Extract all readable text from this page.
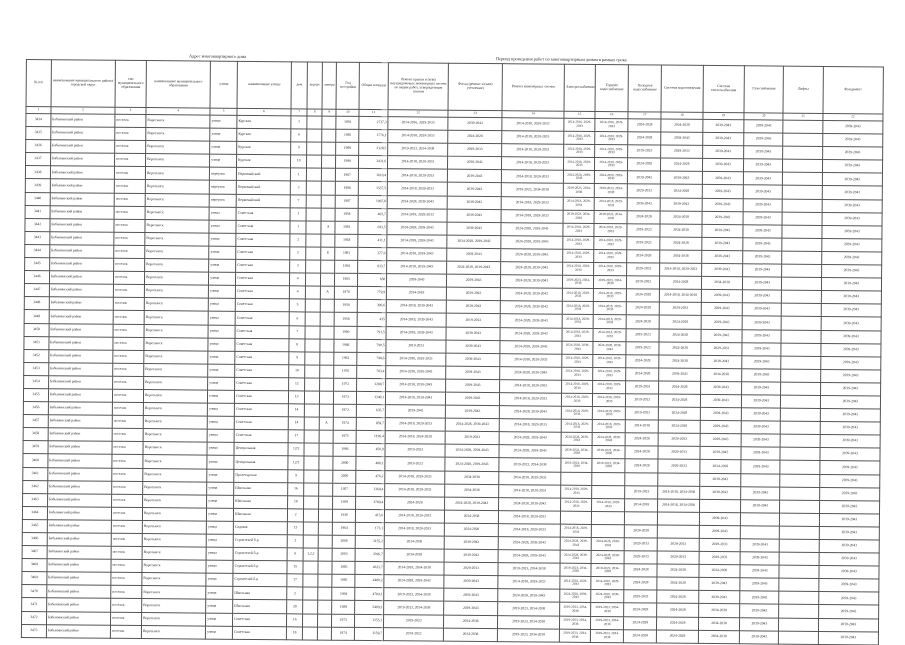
Адрес многоквартирного дома	Период проведения работ по многоквартирным домам в рамках срока
№ п/п	наименование муниципального района/ городской округ	тип муниципального образования	наименование муниципального образования	улица	наименование улицы	дом	корпус	литера	Год постройки	Общая площадь	Ремонт крыши и (или) внутридомовых инженерных систем по видам работ, утвержденным планом	Фасад (ремонт и (или) утепление)	Ремонт инженерных систем	Электроснабжение	Горячее водоснабжение	Холодное водоснабжение	Система водоотведения	Система теплоснабжения	Газоснабжение	Лифты	Фундамент
1	2	3	4	5	6	7	8	9	10	11	12	13	14	15	16	17	18	19	20	21	22
3434	Бабынинский район	поселок	Воротынск	улица	Курская	1			1991	2737,3	2014-2016, 2029-2033	2039-2043	2014-2018, 2029-2033	2014-2016, 2029-2033	2014-2016, 2029-2033	2024-2028	2024-2028	2039-2043	2039-2043		2039-2043
3435	Бабынинский район	поселок	Воротынск	улица	Курская	6			1985	1776,1	2014-2018, 2029-2033	2024-2028	2014-2018, 2029-2033	2014-2018, 2029-2033	2014-2018, 2029-2033	2024-2028	2039-2043	2039-2043	2039-2043		2039-2043
3436	Бабынинский район	поселок	Воротынск	улица	Курская	9			1989	3128,5	2019-2023, 2034-2038	2029-2033	2014-2018, 2029-2033	2014-2018, 2029-2033	2014-2018, 2029-2033	2019-2023	2029-2033	2039-2043	2039-2043		2039-2043
3437	Бабынинский район	поселок	Воротынск	улица	Курская	10			1990	3431,6	2014-2018, 2029-2033	2039-2043	2014-2018, 2029-2033	2014-2018, 2029-2033	2014-2018, 2029-2033	2024-2028	2024-2028	2039-2043	2039-2043		2039-2043
3438	Бабынинский район	поселок	Воротынск	переулок	Первомайский	1			1987	1610,4	2014-2018, 2029-2033	2039-2043	2014-2018, 2029-2033	2024-2028, 2039-2043	2024-2028, 2039-2043	2039-2043	2039-2043	2039-2043	2039-2043		2039-2043
3439	Бабынинский район	поселок	Воротынск	переулок	Первомайский	3			1988	1537,5	2014-2018, 2029-2033	2039-2043	2019-2023, 2034-2038	2019-2023, 2034-2038	2019-2023, 2034-2038	2029-2033	2024-2028	2039-2043	2039-2043		2039-2043
3440	Бабынинский район	поселок	Воротынск	переулок	Первомайский	7			1987	1967,8	2024-2028, 2039-2043	2039-2043	2014-2018, 2029-2033	2014-2018, 2029-2033	2014-2018, 2029-2033	2039-2043	2039-2043	2039-2043	2039-2043		2039-2043
3441	Бабынинский район	поселок	Воротынск	улица	Советская	1			1958	402,7	2014-2018, 2029-2033	2039-2043	2014-2018, 2029-2033	2019-2023, 2034-2038	2019-2023, 2034-2038	2024-2028	2024-2028	2039-2043	2039-2043		2039-2043
3442	Бабынинский район	поселок	Воротынск	улица	Советская	1		А	1981	693,5	2024-2028, 2039-2043	2039-2043	2024-2028, 2039-2043	2014-2018, 2029-2033	2014-2018, 2029-2033	2019-2023	2024-2028	2039-2043	2039-2043		2039-2043
3443	Бабынинский район	поселок	Воротынск	улица	Советская	2			1958	431,1	2014-2018, 2039-2043	2024-2028, 2039-2043	2024-2028, 2039-2043	2014-2018, 2029-2033	2014-2018, 2029-2033	2019-2023	2024-2028	2039-2043	2039-2043		2039-2043
3444	Бабынинский район	поселок	Воротынск	улица	Советская	2		Б	1981	377,6	2014-2018, 2039-2043	2039-2043	2024-2028, 2039-2043	2014-2018, 2029-2033	2014-2018, 2029-2033	2024-2028	2034-2038	2039-2043	2039-2043		2039-2043
3445	Бабынинский район	поселок	Воротынск	улица	Советская	3			1958	833,7	2014-2018, 2039-2043	2024-2028, 2039-2043	2024-2028, 2039-2043	2014-2018, 2029-2033	2014-2018, 2029-2033	2029-2033	2014-2018, 2029-2033	2039-2043	2039-2043		2039-2043
3446	Бабынинский район	поселок	Воротынск	улица	Советская	4			1965	650	2039-2043	2039-2043	2024-2028, 2039-2043	2019-2023, 2034-2038	2019-2023, 2034-2038	2019-2023	2024-2028	2034-2038	2039-2043		2039-2043
3447	Бабынинский район	поселок	Воротынск	улица	Советская	4		А	1970	779,9	2014-2018	2039-2043	2024-2028, 2039-2043	2014-2018, 2029-2033	2014-2018, 2029-2033	2024-2028	2014-2018, 2034-2038	2039-2043	2039-2043		2039-2043
3448	Бабынинский район	поселок	Воротынск	улица	Советская	5			1958	396,6	2014-2018, 2039-2043	2039-2043	2024-2028, 2039-2043	2014-2018, 2029-2033	2014-2018, 2029-2033	2024-2028	2029-2033	2039-2043	2039-2043		2039-2043
3449	Бабынинский район	поселок	Воротынск	улица	Советская	6			1958	435	2014-2018, 2039-2043	2019-2023	2024-2028, 2039-2043	2014-2018, 2029-2033	2014-2018, 2029-2033	2024-2028	2024-2028	2039-2043	2039-2043		2039-2043
3450	Бабынинский район	поселок	Воротынск	улица	Советская	7			1960	791,5	2014-2018, 2039-2043	2039-2043	2024-2028, 2039-2043	2014-2018, 2029-2033	2014-2018, 2029-2033	2019-2023	2024-2028	2039-2043	2039-2043		2039-2043
3451	Бабынинский район	поселок	Воротынск	улица	Советская	8			1968	790,5	2019-2023	2039-2043	2024-2028, 2039-2043	2024-2028, 2039-2043	2024-2028, 2039-2043	2019-2023	2024-2028	2029-2033	2039-2043		2039-2043
3452	Бабынинский район	поселок	Воротынск	улица	Советская	9			1962	798,6	2014-2018, 2029-2033	2039-2043	2014-2018, 2029-2033	2014-2018, 2029-2033	2014-2018, 2029-2033	2024-2028	2024-2028	2039-2043	2039-2043		2039-2043
3453	Бабынинский район	поселок	Воротынск	улица	Советская	10			1970	783,4	2014-2018, 2039-2043	2039-2043	2024-2028, 2039-2043	2014-2018, 2029-2033	2014-2018, 2029-2033	2024-2028	2039-2043	2034-2038	2039-2043		2039-2043
3454	Бабынинский район	поселок	Воротынск	улица	Советская	12			1972	1280,7	2014-2018, 2039-2043	2039-2043	2014-2018, 2029-2033	2014-2018, 2029-2033	2014-2018, 2029-2033	2029-2033	2024-2028	2039-2043	2039-2043		2039-2043
3455	Бабынинский район	поселок	Воротынск	улица	Советская	13			1973	1340,1	2014-2018, 2039-2043	2039-2043	2014-2018, 2029-2033	2014-2018, 2029-2033	2014-2018, 2029-2033	2019-2023	2024-2028	2039-2043	2039-2043		2039-2043
3456	Бабынинский район	поселок	Воротынск	улица	Советская	14			1972	635,7	2039-2043	2039-2043	2024-2028, 2039-2043	2014-2018, 2029-2033	2014-2018, 2029-2033	2019-2023	2024-2028	2039-2043	2039-2043		2039-2043
3457	Бабынинский район	поселок	Воротынск	улица	Советская	14		А	1974	859,7	2014-2018, 2029-2033	2024-2028, 2039-2043	2014-2018, 2029-2033	2014-2018, 2029-2033	2014-2018, 2029-2033	2014-2018	2024-2028	2039-2043	2039-2043		2039-2043
3458	Бабынинский район	поселок	Воротынск	улица	Советская	17			1975	1196,4	2014-2018, 2024-2028	2019-2023	2024-2028, 2039-2043	2024-2028, 2039-2043	2024-2028, 2039-2043	2024-2028	2029-2033	2039-2043	2039-2043		2039-2043
3459	Бабынинский район	поселок	Воротынск	улица	Центральная	12/2			1996	450,9	2019-2023	2024-2028, 2039-2043	2024-2028, 2039-2043	2019-2023, 2034-2038	2019-2023, 2034-2038	2024-2028	2029-2033	2039-2043	2039-2043		2039-2043
3460	Бабынинский район	поселок	Воротынск	улица	Центральная	12/3			2000	480,1	2019-2023	2024-2028, 2039-2043	2019-2023, 2034-2038	2019-2023, 2034-2038	2019-2023, 2034-2038	2024-2028	2029-2033	2034-2038	2039-2043		2039-2043
3461	Бабынинский район	поселок	Воротынск	улица	Пролетарская	9			2005	476,2	2014-2018, 2029-2033	2034-2038	2014-2018, 2029-2033					2039-2043			2039-2043
3462	Бабынинский район	поселок	Воротынск	улица	Школьная	16			1957	1368,4	2014-2018, 2029-2033	2034-2038	2014-2018, 2029-2033	2014-2018, 2029-2033		2019-2023	2014-2018, 2034-2038	2039-2043	2039-2043		2039-2043
3463	Бабынинский район	поселок	Воротынск	улица	Школьная	18			1958	3709,4	2024-2028	2024-2028, 2039-2043	2024-2028, 2039-2043	2014-2018, 2029-2033	2014-2018, 2029-2033	2014-2018	2014-2018, 2034-2038		2039-2043		2039-2043
3464	Бабынинский район	поселок	Воротынск	улица	Школьная	2			1930	415,6	2014-2018, 2029-2033	2034-2038	2014-2018, 2029-2033					2039-2043			2039-2043
3465	Бабынинский район	поселок	Воротынск	улица	Садовая	13			1964	173,1	2014-2018, 2029-2033	2024-2028	2014-2018, 2029-2033	2014-2018, 2029-2033		2024-2028		2039-2043			2039-2043
3466	Бабынинский район	поселок	Воротынск	улица	Строителей б-р	2			2006	3155,2	2034-2038	2039-2043	2024-2028, 2039-2043	2024-2028, 2039-2043	2024-2028, 2039-2043	2029-2033	2029-2033	2029-2033	2039-2043		2039-2043
3467	Бабынинский район	поселок	Воротынск	улица	Строителей б-р	6	1,2,3		2003	3396,7	2034-2038	2039-2043	2024-2028, 2039-2043	2024-2028, 2039-2043	2024-2028, 2039-2043	2029-2033	2029-2033	2029-2033	2039-2043		2039-2043
3468	Бабынинский район	поселок	Воротынск	улица	Строителей б-р	15			1983	4613,7	2014-2018, 2034-2038	2029-2033	2019-2023, 2034-2038	2019-2023, 2034-2038	2019-2023, 2034-2038	2024-2028	2024-2028	2034-2038	2039-2043		2039-2043
3469	Бабынинский район	поселок	Воротынск	улица	Строителей б-р	17			1985	4400,2	2024-2028, 2039-2043	2039-2043	2014-2018, 2029-2033	2014-2018, 2029-2033	2014-2018, 2029-2033	2024-2028	2024-2028	2039-2043	2039-2043		2039-2043
3470	Бабынинский район	поселок	Воротынск	улица	Школьная	2			1994	4704,1	2019-2023, 2034-2038	2039-2043	2024-2028, 2039-2043	2024-2028, 2039-2043	2024-2028, 2039-2043	2029-2033	2024-2028	2039-2043	2039-2043		2039-2043
3471	Бабынинский район	поселок	Воротынск	улица	Школьная	20			1989	5409,2	2019-2023, 2034-2038	2039-2043	2019-2023, 2034-2038	2019-2023, 2034-2038	2019-2023, 2034-2038	2024-2028	2024-2028	2034-2038	2039-2043		2039-2043
3472	Бабынинский район	поселок	Воротынск	улица	Советская	16			1973	1155,1	2019-2023	2034-2038	2019-2023, 2034-2038	2019-2023, 2034-2038	2019-2023, 2034-2038	2024-2028	2024-2028	2034-2038	2039-2043		2039-2043
3473	Бабынинский район	поселок	Воротынск	улица	Советская	18			1974	1159,7	2019-2023	2034-2038	2019-2023, 2034-2038	2019-2023, 2034-2038	2019-2023, 2034-2038	2024-2028	2024-2028	2034-2038	2039-2043		2039-2043
